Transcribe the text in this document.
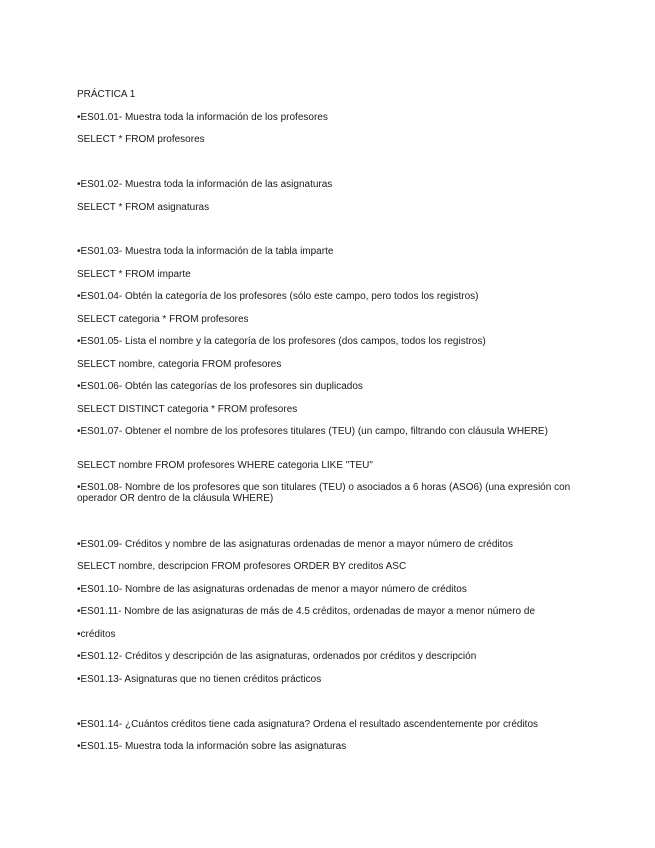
PRÁCTICA 1
•ES01.01- Muestra toda la información de los profesores
SELECT * FROM profesores
•ES01.02- Muestra toda la información de las asignaturas
SELECT * FROM asignaturas
•ES01.03- Muestra toda la información de la tabla imparte
SELECT * FROM imparte
•ES01.04- Obtén la categoría de los profesores (sólo este campo, pero todos los registros)
SELECT categoria * FROM profesores
•ES01.05- Lista el nombre y la categoría de los profesores (dos campos, todos los registros)
SELECT nombre, categoria FROM profesores
•ES01.06- Obtén las categorías de los profesores sin duplicados
SELECT DISTINCT categoria * FROM profesores
•ES01.07- Obtener el nombre de los profesores titulares (TEU) (un campo, filtrando con cláusula WHERE)
SELECT nombre FROM profesores WHERE categoria LIKE "TEU"
•ES01.08- Nombre de los profesores que son titulares (TEU) o asociados a 6 horas (ASO6) (una expresión con operador OR dentro de la cláusula WHERE)
•ES01.09- Créditos y nombre de las asignaturas ordenadas de menor a mayor número de créditos
SELECT nombre, descripcion FROM profesores ORDER BY creditos ASC
•ES01.10- Nombre de las asignaturas ordenadas de menor a mayor número de créditos
•ES01.11- Nombre de las asignaturas de más de 4.5 créditos, ordenadas de mayor a menor número de
•créditos
•ES01.12- Créditos y descripción de las asignaturas, ordenados por créditos y descripción
•ES01.13- Asignaturas que no tienen créditos prácticos
•ES01.14- ¿Cuántos créditos tiene cada asignatura? Ordena el resultado ascendentemente por créditos
•ES01.15- Muestra toda la información sobre las asignaturas
